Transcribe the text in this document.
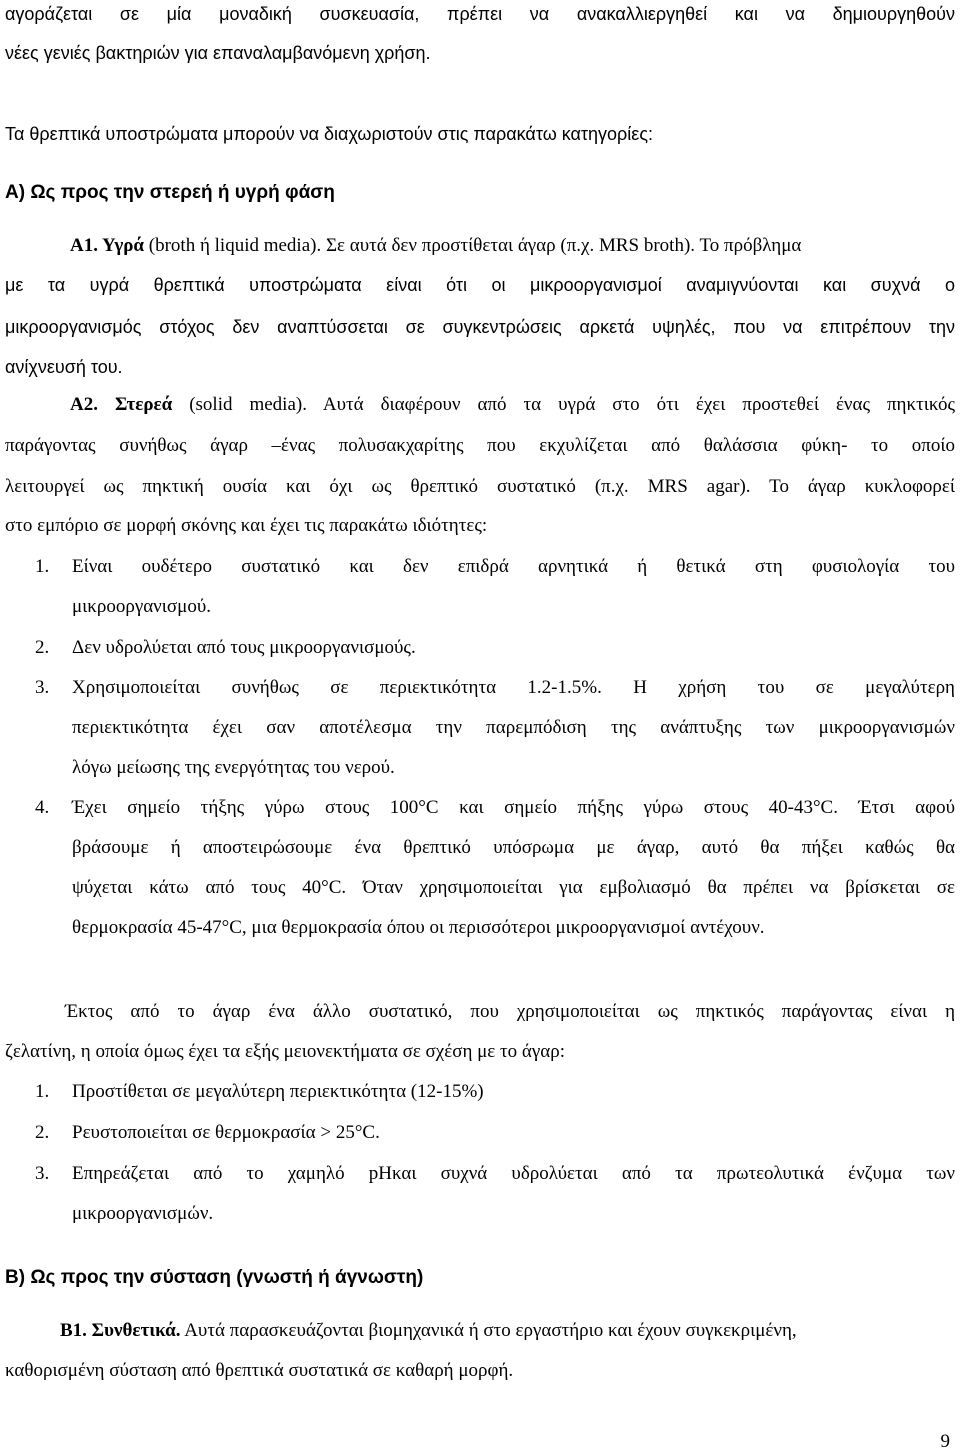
αγοράζεται σε μία μοναδική συσκευασία, πρέπει να ανακαλλιεργηθεί και να δημιουργηθούν
νέες γενιές βακτηριών για επαναλαμβανόμενη χρήση.
Τα θρεπτικά υποστρώματα μπορούν να διαχωριστούν στις παρακάτω κατηγορίες:
Α) Ως προς την στερεή ή υγρή φάση
Α1. Υγρά (broth ή liquid media). Σε αυτά δεν προστίθεται άγαρ (π.χ. MRS broth). Το πρόβλημα
με τα υγρά θρεπτικά υποστρώματα είναι ότι οι μικροοργανισμοί αναμιγνύονται και συχνά ο
μικροοργανισμός στόχος δεν αναπτύσσεται σε συγκεντρώσεις αρκετά υψηλές, που να επιτρέπουν την
ανίχνευσή του.
Α2. Στερεά (solid media). Αυτά διαφέρουν από τα υγρά στο ότι έχει προστεθεί ένας πηκτικός
παράγοντας συνήθως άγαρ –ένας πολυσακχαρίτης που εκχυλίζεται από θαλάσσια φύκη- το οποίο
λειτουργεί ως πηκτική ουσία και όχι ως θρεπτικό συστατικό (π.χ. MRS agar). Το άγαρ κυκλοφορεί
στο εμπόριο σε μορφή σκόνης και έχει τις παρακάτω ιδιότητες:
1. Είναι ουδέτερο συστατικό και δεν επιδρά αρνητικά ή θετικά στη φυσιολογία του
μικροοργανισμού.
2. Δεν υδρολύεται από τους μικροοργανισμούς.
3. Χρησιμοποιείται συνήθως σε περιεκτικότητα 1.2-1.5%. Η χρήση του σε μεγαλύτερη
περιεκτικότητα έχει σαν αποτέλεσμα την παρεμπόδιση της ανάπτυξης των μικροοργανισμών
λόγω μείωσης της ενεργότητας του νερού.
4. Έχει σημείο τήξης γύρω στους 100°C και σημείο πήξης γύρω στους 40-43°C. Έτσι αφού
βράσουμε ή αποστειρώσουμε ένα θρεπτικό υπόσρωμα με άγαρ, αυτό θα πήξει καθώς θα
ψύχεται κάτω από τους 40°C. Όταν χρησιμοποιείται για εμβολιασμό θα πρέπει να βρίσκεται σε
θερμοκρασία 45-47°C, μια θερμοκρασία όπου οι περισσότεροι μικροοργανισμοί αντέχουν.
Έκτος από το άγαρ ένα άλλο συστατικό, που χρησιμοποιείται ως πηκτικός παράγοντας είναι η
ζελατίνη, η οποία όμως έχει τα εξής μειονεκτήματα σε σχέση με το άγαρ:
1. Προστίθεται σε μεγαλύτερη περιεκτικότητα (12-15%)
2. Ρευστοποιείται σε θερμοκρασία > 25°C.
3. Επηρεάζεται από το χαμηλό pHκαι συχνά υδρολύεται από τα πρωτεολυτικά ένζυμα των
μικροοργανισμών.
Β) Ως προς την σύσταση (γνωστή ή άγνωστη)
Β1. Συνθετικά. Αυτά παρασκευάζονται βιομηχανικά ή στο εργαστήριο και έχουν συγκεκριμένη,
καθορισμένη σύσταση από θρεπτικά συστατικά σε καθαρή μορφή.
9
